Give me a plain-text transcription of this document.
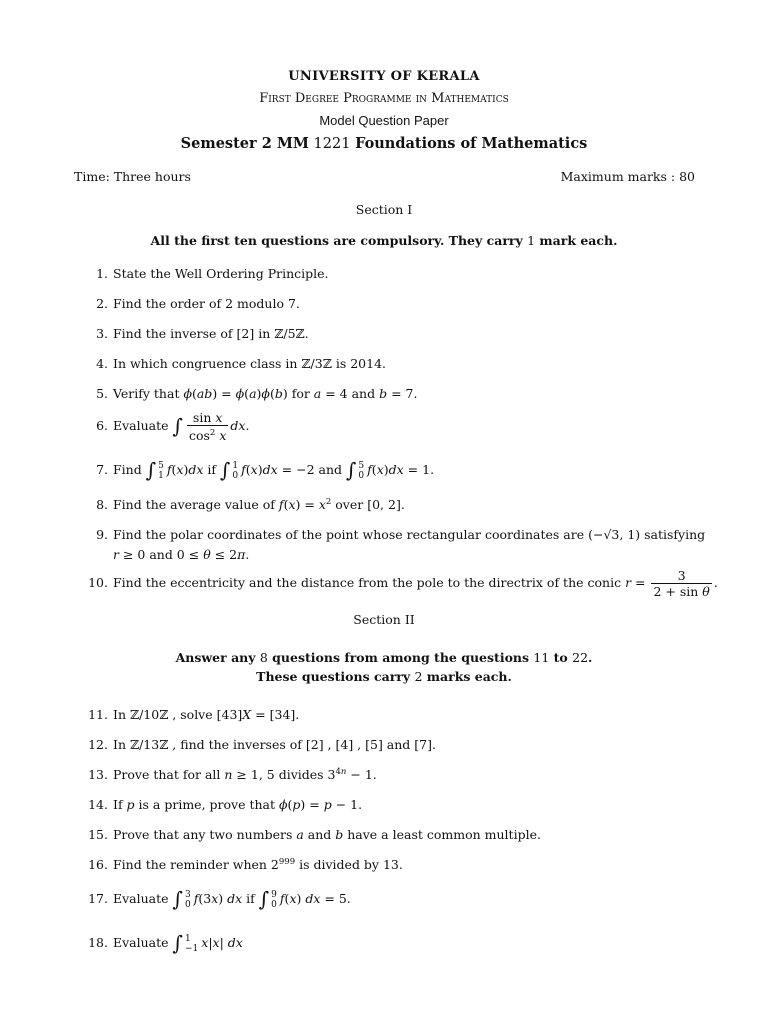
UNIVERSITY OF KERALA
First Degree Programme in Mathematics
Model Question Paper
Semester 2 MM 1221 Foundations of Mathematics
Time: Three hours	Maximum marks : 80
Section I
All the first ten questions are compulsory. They carry 1 mark each.
1. State the Well Ordering Principle.
2. Find the order of 2 modulo 7.
3. Find the inverse of [2] in ℤ/5ℤ.
4. In which congruence class in ℤ/3ℤ is 2014.
5. Verify that ϕ(ab) = ϕ(a)ϕ(b) for a = 4 and b = 7.
6. Evaluate ∫ $\frac{\text{sin x}}{\cos^2 x}$ dx.
7. Find ∫ 5
1 f(x)dx if ∫ 1
0 f(x)dx = −2 and ∫ 5
0 f(x)dx = 1.
8. Find the average value of $f(x) = x^2$ over [0, 2].
9. Find the polar coordinates of the point whose rectangular coordinates are (−√3, 1) satisfying
r ≥ 0 and 0 ≤ θ ≤ 2π.
10. Find the eccentricity and the distance from the pole to the directrix of the conic $r = \frac{3}{\text{2 + sin θ}}$ .
Section II
Answer any 8 questions from among the questions 11 to 22.
These questions carry 2 marks each.
11. In ℤ/10ℤ , solve [43]X = [34].
12. In ℤ/13ℤ , find the inverses of [2] , [4] , [5] and [7].
13. Prove that for all n ≥ 1, 5 divides $3^{4n} - 1$.
14. If p is a prime, prove that ϕ(p) = p − 1.
15. Prove that any two numbers a and b have a least common multiple.
16. Find the reminder when $2^{999}$ is divided by 13.
17. Evaluate ∫ 3
0 f(3x) dx if ∫ 9
0 f(x) dx = 5.
18. Evaluate ∫ 1
−1 x|x| dx
